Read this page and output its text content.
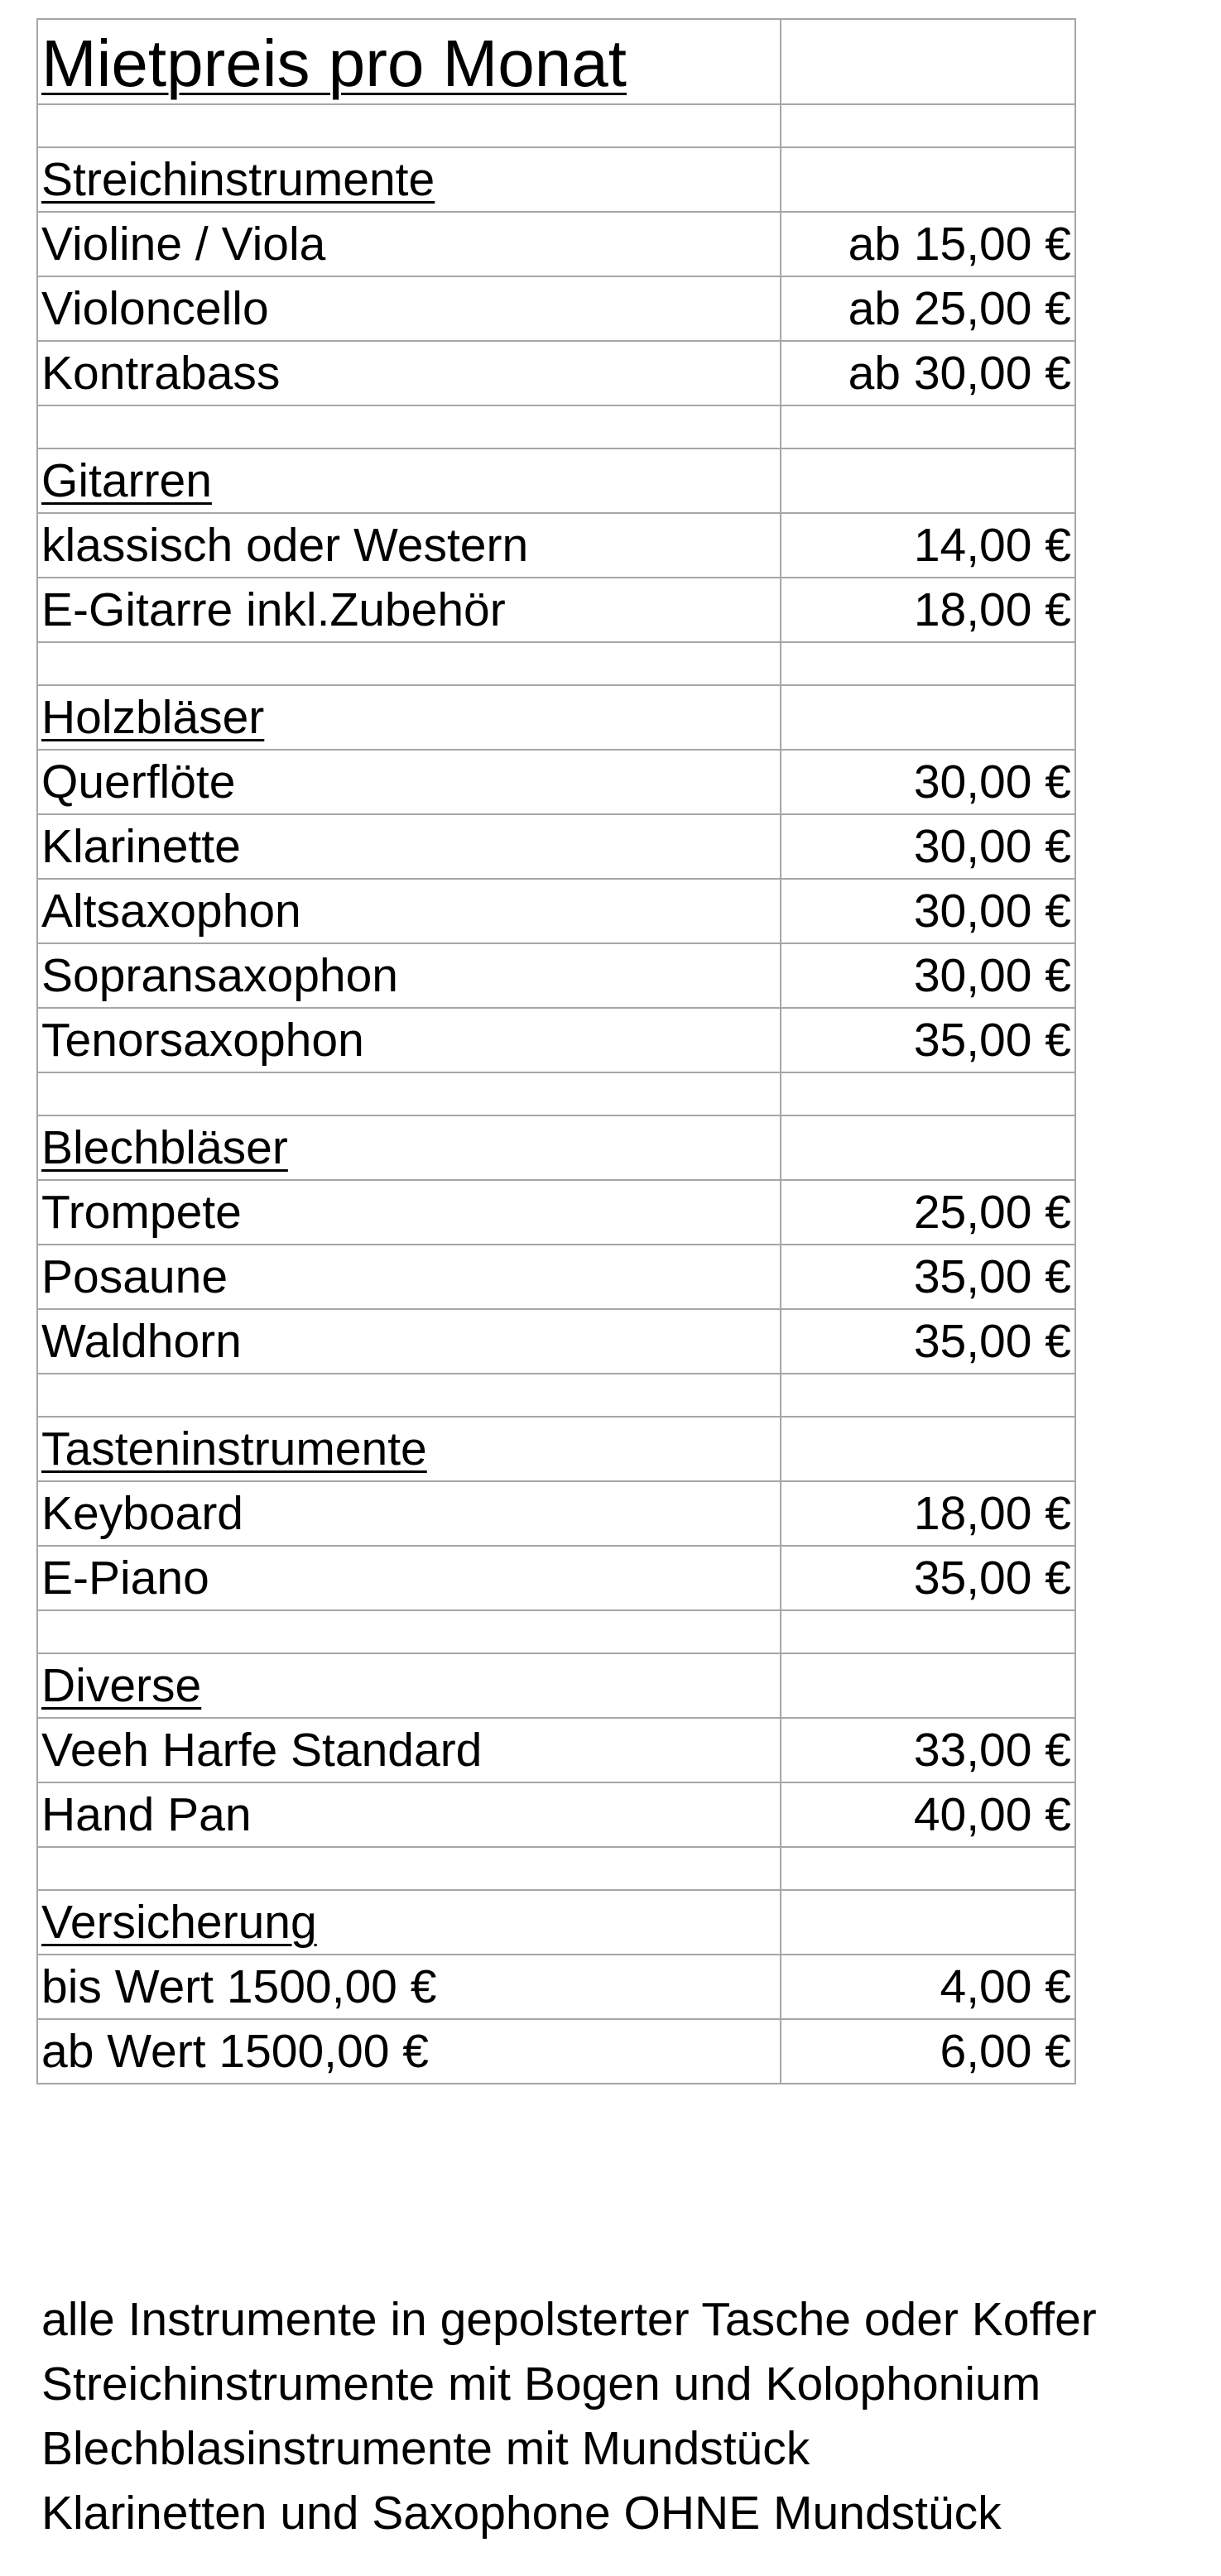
Mietpreis pro Monat	

Streichinstrumente	
Violine / Viola	ab 15,00 €
Violoncello	ab 25,00 €
Kontrabass	ab 30,00 €

Gitarren	
klassisch oder Western	14,00 €
E-Gitarre inkl.Zubehör	18,00 €

Holzbläser	
Querflöte	30,00 €
Klarinette	30,00 €
Altsaxophon	30,00 €
Sopransaxophon	30,00 €
Tenorsaxophon	35,00 €

Blechbläser	
Trompete	25,00 €
Posaune	35,00 €
Waldhorn	35,00 €

Tasteninstrumente	
Keyboard	18,00 €
E-Piano	35,00 €

Diverse	
Veeh Harfe Standard	33,00 €
Hand Pan	40,00 €

Versicherung	
bis Wert 1500,00 €	4,00 €
ab Wert 1500,00 €	6,00 €
alle Instrumente in gepolsterter Tasche oder Koffer
Streichinstrumente mit Bogen und Kolophonium
Blechblasinstrumente mit Mundstück
Klarinetten und Saxophone OHNE Mundstück
